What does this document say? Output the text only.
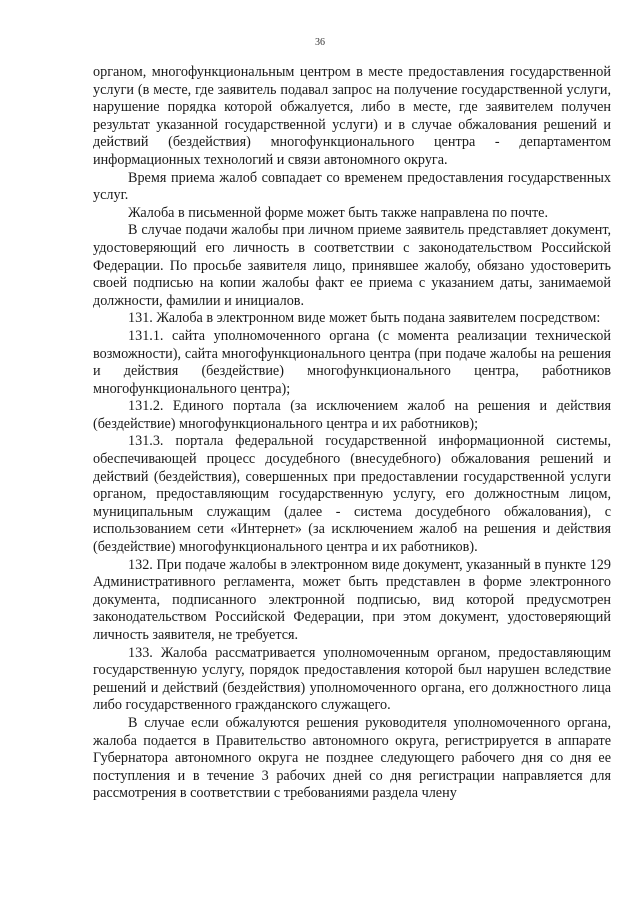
36

органом, многофункциональным центром в месте предоставления государственной услуги (в месте, где заявитель подавал запрос на получение государственной услуги, нарушение порядка которой обжалуется, либо в месте, где заявителем получен результат указанной государственной услуги) и в случае обжалования решений и действий (бездействия) многофункционального центра - департаментом информационных технологий и связи автономного округа.

Время приема жалоб совпадает со временем предоставления государственных услуг.

Жалоба в письменной форме может быть также направлена по почте.

В случае подачи жалобы при личном приеме заявитель представляет документ, удостоверяющий его личность в соответствии с законодательством Российской Федерации. По просьбе заявителя лицо, принявшее жалобу, обязано удостоверить своей подписью на копии жалобы факт ее приема с указанием даты, занимаемой должности, фамилии и инициалов.

131. Жалоба в электронном виде может быть подана заявителем посредством:

131.1. сайта уполномоченного органа (с момента реализации технической возможности), сайта многофункционального центра (при подаче жалобы на решения и действия (бездействие) многофункционального центра, работников многофункционального центра);

131.2. Единого портала (за исключением жалоб на решения и действия (бездействие) многофункционального центра и их работников);

131.3. портала федеральной государственной информационной системы, обеспечивающей процесс досудебного (внесудебного) обжалования решений и действий (бездействия), совершенных при предоставлении государственной услуги органом, предоставляющим государственную услугу, его должностным лицом, муниципальным служащим (далее - система досудебного обжалования), с использованием сети «Интернет» (за исключением жалоб на решения и действия (бездействие) многофункционального центра и их работников).

132. При подаче жалобы в электронном виде документ, указанный в пункте 129 Административного регламента, может быть представлен в форме электронного документа, подписанного электронной подписью, вид которой предусмотрен законодательством Российской Федерации, при этом документ, удостоверяющий личность заявителя, не требуется.

133. Жалоба рассматривается уполномоченным органом, предоставляющим государственную услугу, порядок предоставления которой был нарушен вследствие решений и действий (бездействия) уполномоченного органа, его должностного лица либо государственного гражданского служащего.

В случае если обжалуются решения руководителя уполномоченного органа, жалоба подается в Правительство автономного округа, регистрируется в аппарате Губернатора автономного округа не позднее следующего рабочего дня со дня ее поступления и в течение 3 рабочих дней со дня регистрации направляется для рассмотрения в соответствии с требованиями раздела члену
